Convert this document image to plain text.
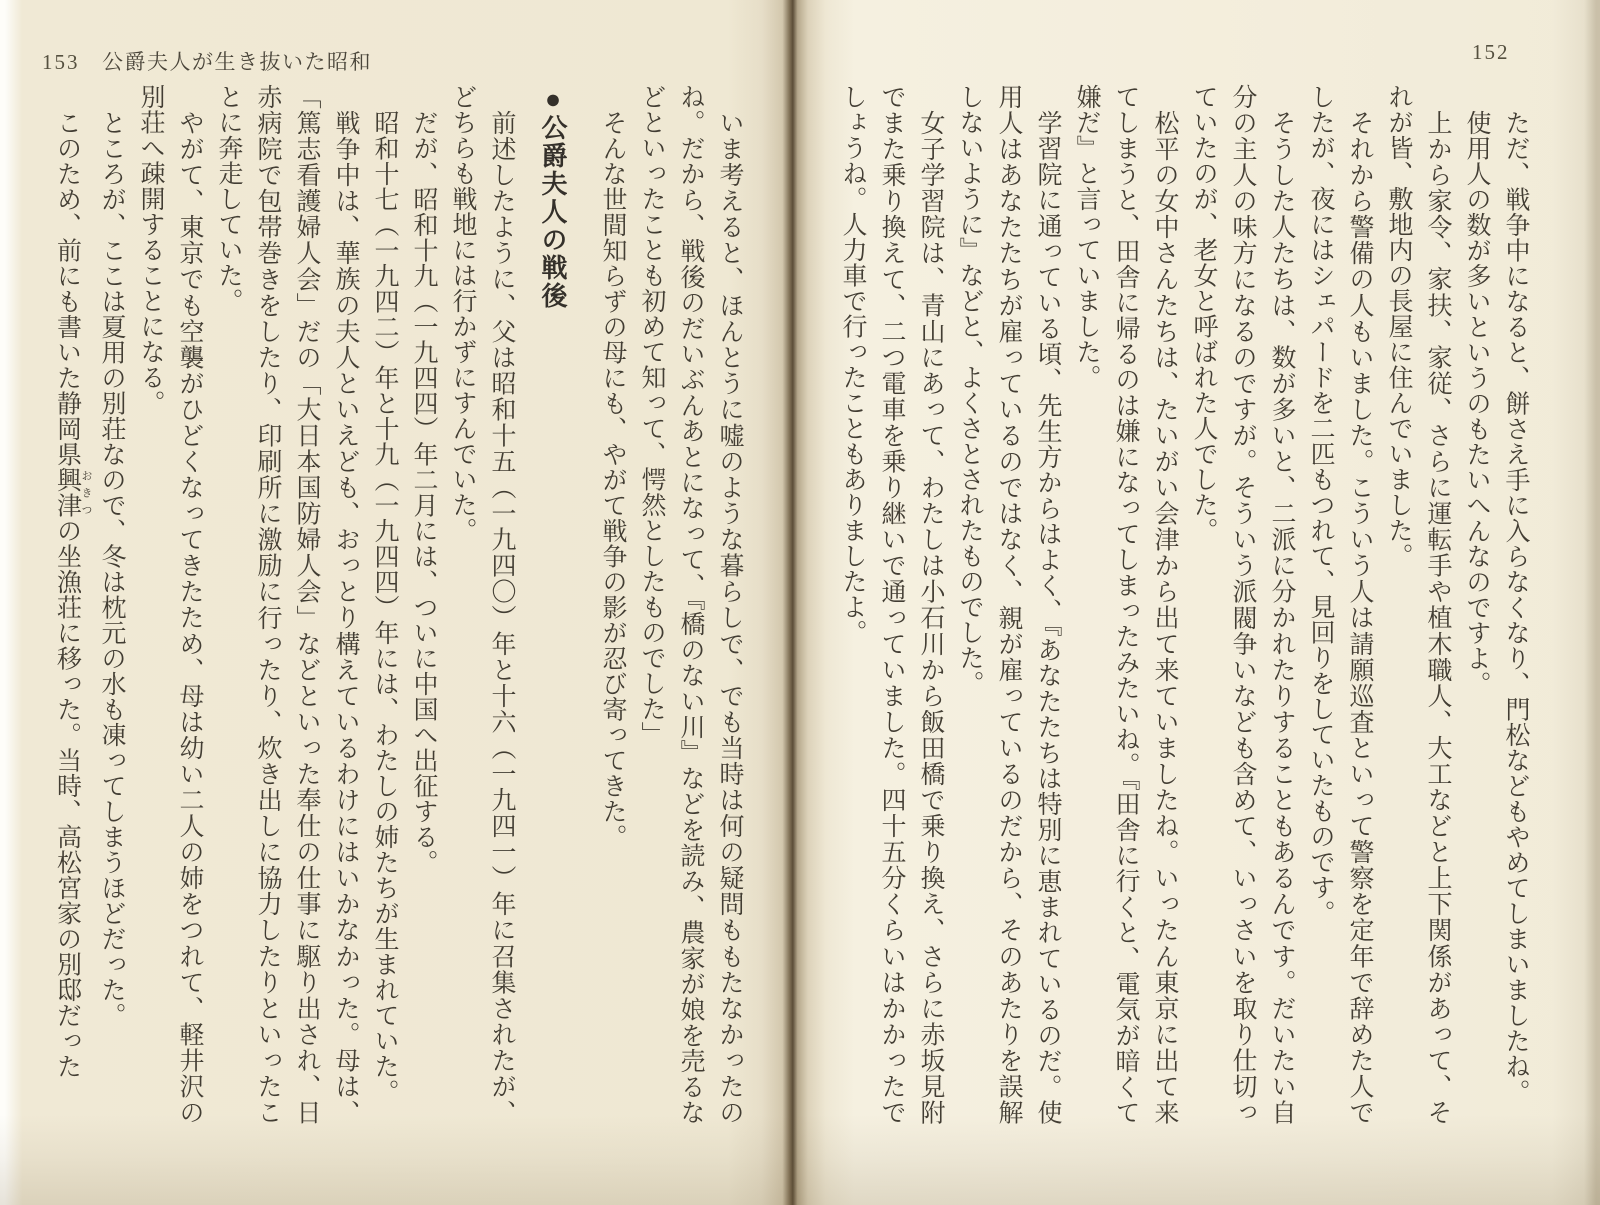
153 公爵夫人が生き抜いた昭和

いま考えると、ほんとうに嘘のような暮らしで、でも当時は何の疑問ももたなかったのね。だから、戦後のだいぶんあとになって、『橋のない川』などを読み、農家が娘を売るなどといったことも初めて知って、愕然としたものでした」

そんな世間知らずの母にも、やがて戦争の影が忍び寄ってきた。

●公爵夫人の戦後

前述したように、父は昭和十五（一九四〇）年と十六（一九四一）年に召集されたが、どちらも戦地には行かずにすんでいた。

だが、昭和十九（一九四四）年二月には、ついに中国へ出征する。

昭和十七（一九四二）年と十九（一九四四）年には、わたしの姉たちが生まれていた。

戦争中は、華族の夫人といえども、おっとり構えているわけにはいかなかった。母は、「篤志看護婦人会」だの「大日本国防婦人会」などといった奉仕の仕事に駆り出され、日赤病院で包帯巻きをしたり、印刷所に激励に行ったり、炊き出しに協力したりといったことに奔走していた。

やがて、東京でも空襲がひどくなってきたため、母は幼い二人の姉をつれて、軽井沢の別荘へ疎開することになる。

ところが、ここは夏用の別荘なので、冬は枕元の水も凍ってしまうほどだった。

このため、前にも書いた静岡県興津 おきつの坐漁荘に移った。当時、高松宮家の別邸だった

152

ただ、戦争中になると、餅さえ手に入らなくなり、門松などもやめてしまいましたね。

使用人の数が多いというのもたいへんなのですよ。

上から家令、家扶、家従、さらに運転手や植木職人、大工などと上下関係があって、それが皆、敷地内の長屋に住んでいました。

それから警備の人もいました。こういう人は請願巡査といって警察を定年で辞めた人でしたが、夜にはシェパードを二匹もつれて、見回りをしていたものです。

そうした人たちは、数が多いと、二派に分かれたりすることもあるんです。だいたい自分の主人の味方になるのですが。そういう派閥争いなども含めて、いっさいを取り仕切っていたのが、老女と呼ばれた人でした。

松平の女中さんたちは、たいがい会津から出て来ていましたね。いったん東京に出て来てしまうと、田舎に帰るのは嫌になってしまったみたいね。『田舎に行くと、電気が暗くて嫌だ』と言っていました。

学習院に通っている頃、先生方からはよく、『あなたたちは特別に恵まれているのだ。使用人はあなたたちが雇っているのではなく、親が雇っているのだから、そのあたりを誤解しないように』などと、よくさとされたものでした。

女子学習院は、青山にあって、わたしは小石川から飯田橋で乗り換え、さらに赤坂見附でまた乗り換えて、二つ電車を乗り継いで通っていました。四十五分くらいはかかったでしょうね。人力車で行ったこともありましたよ。
